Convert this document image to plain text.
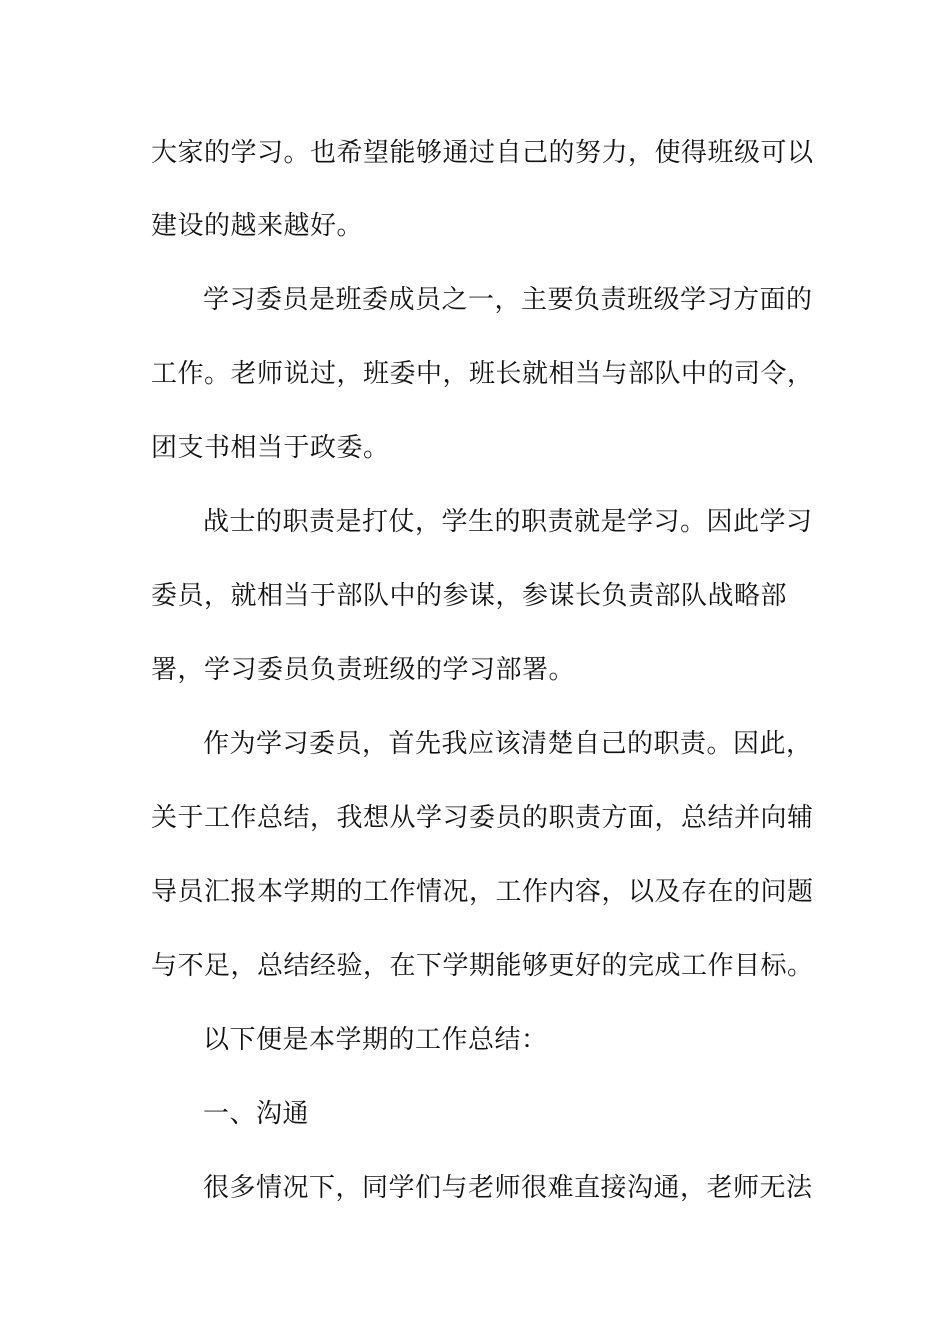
大家的学习。也希望能够通过自己的努力，使得班级可以
建设的越来越好。
学习委员是班委成员之一，主要负责班级学习方面的
工作。老师说过，班委中，班长就相当与部队中的司令，
团支书相当于政委。
战士的职责是打仗，学生的职责就是学习。因此学习
委员，就相当于部队中的参谋，参谋长负责部队战略部
署，学习委员负责班级的学习部署。
作为学习委员，首先我应该清楚自己的职责。因此，
关于工作总结，我想从学习委员的职责方面，总结并向辅
导员汇报本学期的工作情况，工作内容，以及存在的问题
与不足，总结经验，在下学期能够更好的完成工作目标。
以下便是本学期的工作总结：
一、沟通
很多情况下，同学们与老师很难直接沟通，老师无法
